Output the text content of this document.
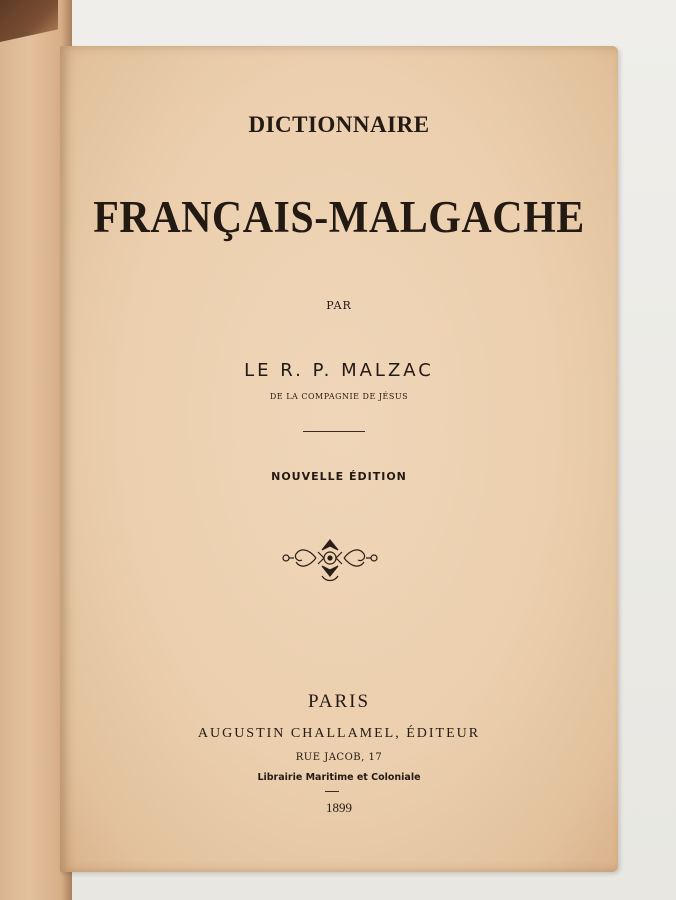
DICTIONNAIRE
FRANÇAIS-MALGACHE
PAR
LE R. P. MALZAC
DE LA COMPAGNIE DE JÉSUS
NOUVELLE ÉDITION
PARIS
AUGUSTIN CHALLAMEL, ÉDITEUR
RUE JACOB, 17
Librairie Maritime et Coloniale
1899
